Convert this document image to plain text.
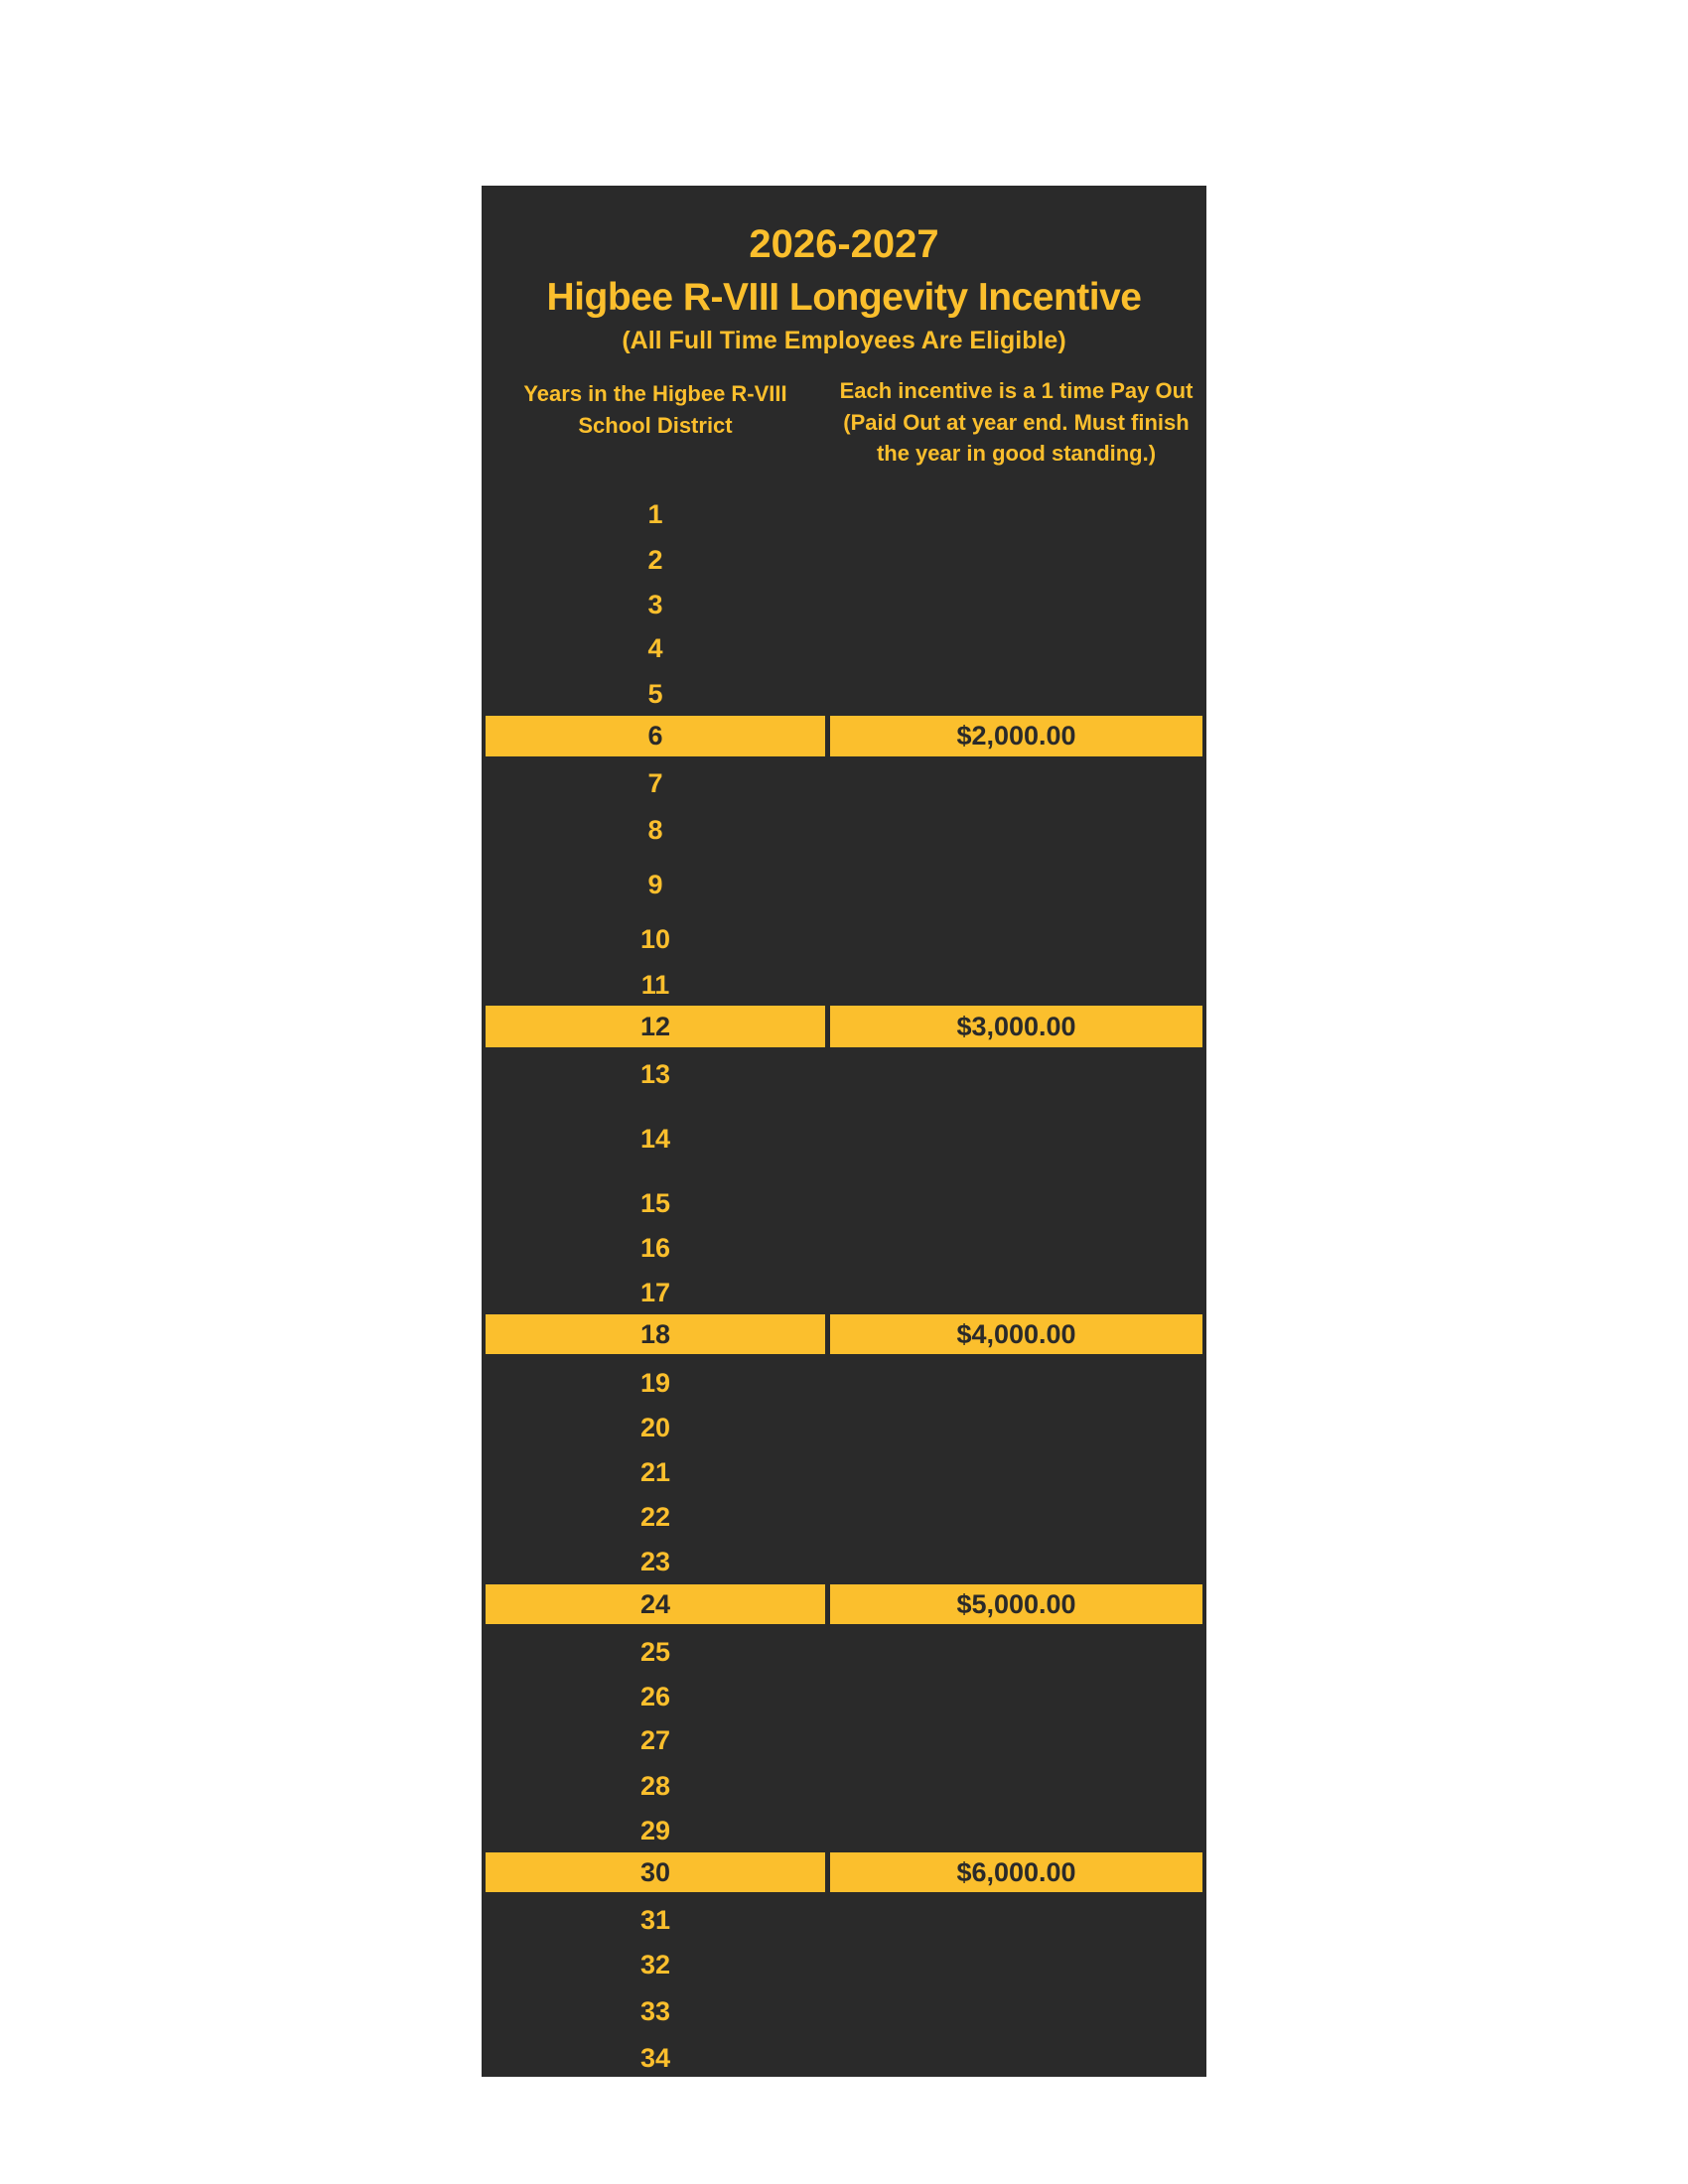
2026-2027
Higbee R-VIII Longevity Incentive
(All Full Time Employees Are Eligible)
Years in the Higbee R-VIII
School District
Each incentive is a 1 time Pay Out
(Paid Out at year end. Must finish
the year in good standing.)
1
2
3
4
5
6	$2,000.00
7
8
9
10
11
12	$3,000.00
13
14
15
16
17
18	$4,000.00
19
20
21
22
23
24	$5,000.00
25
26
27
28
29
30	$6,000.00
31
32
33
34
